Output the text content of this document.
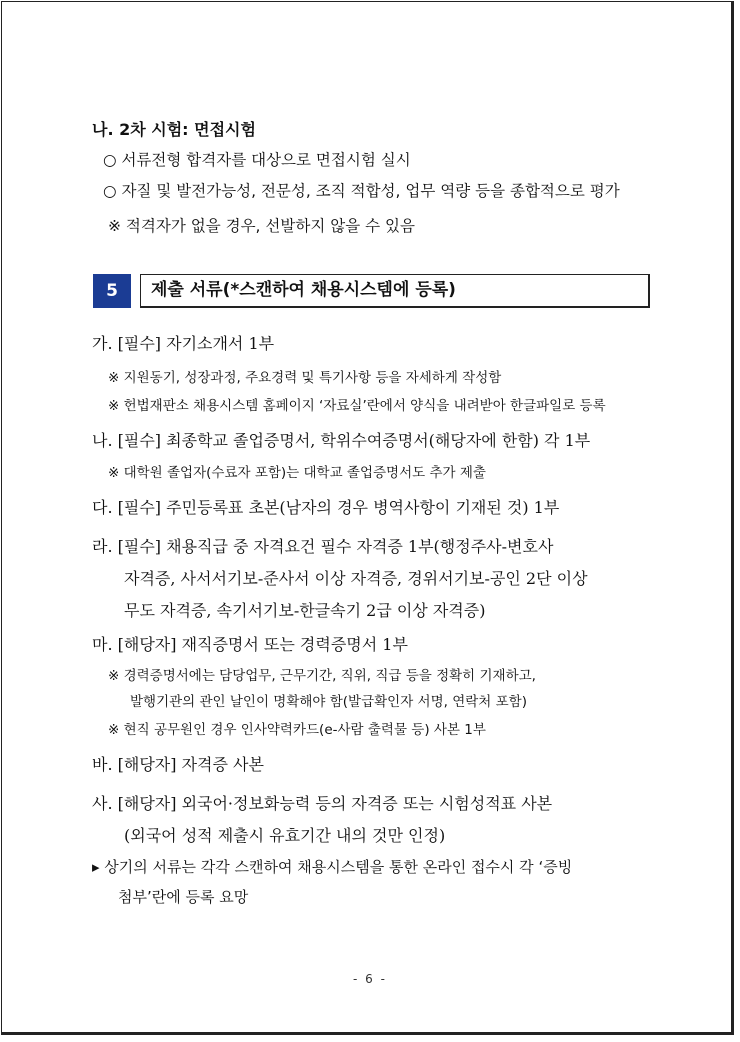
나. 2차 시험: 면접시험
○ 서류전형 합격자를 대상으로 면접시험 실시
○ 자질 및 발전가능성, 전문성, 조직 적합성, 업무 역량 등을 종합적으로 평가
※ 적격자가 없을 경우, 선발하지 않을 수 있음
5	제출 서류(*스캔하여 채용시스템에 등록)
가. [필수] 자기소개서 1부
※ 지원동기, 성장과정, 주요경력 및 특기사항 등을 자세하게 작성함
※ 헌법재판소 채용시스템 홈페이지 ‘자료실’란에서 양식을 내려받아 한글파일로 등록
나. [필수] 최종학교 졸업증명서, 학위수여증명서(해당자에 한함) 각 1부
※ 대학원 졸업자(수료자 포함)는 대학교 졸업증명서도 추가 제출
다. [필수] 주민등록표 초본(남자의 경우 병역사항이 기재된 것) 1부
라. [필수] 채용직급 중 자격요건 필수 자격증 1부(행정주사-변호사
자격증, 사서서기보-준사서 이상 자격증, 경위서기보-공인 2단 이상
무도 자격증, 속기서기보-한글속기 2급 이상 자격증)
마. [해당자] 재직증명서 또는 경력증명서 1부
※ 경력증명서에는 담당업무, 근무기간, 직위, 직급 등을 정확히 기재하고,
발행기관의 관인 날인이 명확해야 함(발급확인자 서명, 연락처 포함)
※ 현직 공무원인 경우 인사약력카드(e-사람 출력물 등) 사본 1부
바. [해당자] 자격증 사본
사. [해당자] 외국어·정보화능력 등의 자격증 또는 시험성적표 사본
(외국어 성적 제출시 유효기간 내의 것만 인정)
▸ 상기의 서류는 각각 스캔하여 채용시스템을 통한 온라인 접수시 각 ‘증빙
첨부’란에 등록 요망
- 6 -
